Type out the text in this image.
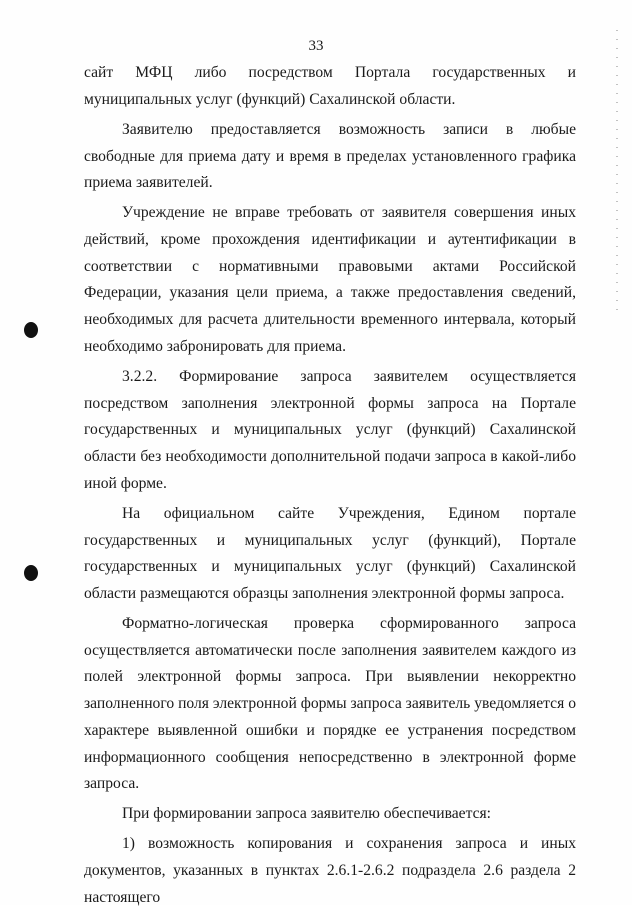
33

сайт МФЦ либо посредством Портала государственных и муниципальных услуг (функций) Сахалинской области.

Заявителю предоставляется возможность записи в любые свободные для приема дату и время в пределах установленного графика приема заявителей.

Учреждение не вправе требовать от заявителя совершения иных действий, кроме прохождения идентификации и аутентификации в соответствии с нормативными правовыми актами Российской Федерации, указания цели приема, а также предоставления сведений, необходимых для расчета длительности временного интервала, который необходимо забронировать для приема.

3.2.2. Формирование запроса заявителем осуществляется посредством заполнения электронной формы запроса на Портале государственных и муниципальных услуг (функций) Сахалинской области без необходимости дополнительной подачи запроса в какой-либо иной форме.

На официальном сайте Учреждения, Едином портале государственных и муниципальных услуг (функций), Портале государственных и муниципальных услуг (функций) Сахалинской области размещаются образцы заполнения электронной формы запроса.

Форматно-логическая проверка сформированного запроса осуществляется автоматически после заполнения заявителем каждого из полей электронной формы запроса. При выявлении некорректно заполненного поля электронной формы запроса заявитель уведомляется о характере выявленной ошибки и порядке ее устранения посредством информационного сообщения непосредственно в электронной форме запроса.

При формировании запроса заявителю обеспечивается:

1) возможность копирования и сохранения запроса и иных документов, указанных в пунктах 2.6.1-2.6.2 подраздела 2.6 раздела 2 настоящего
